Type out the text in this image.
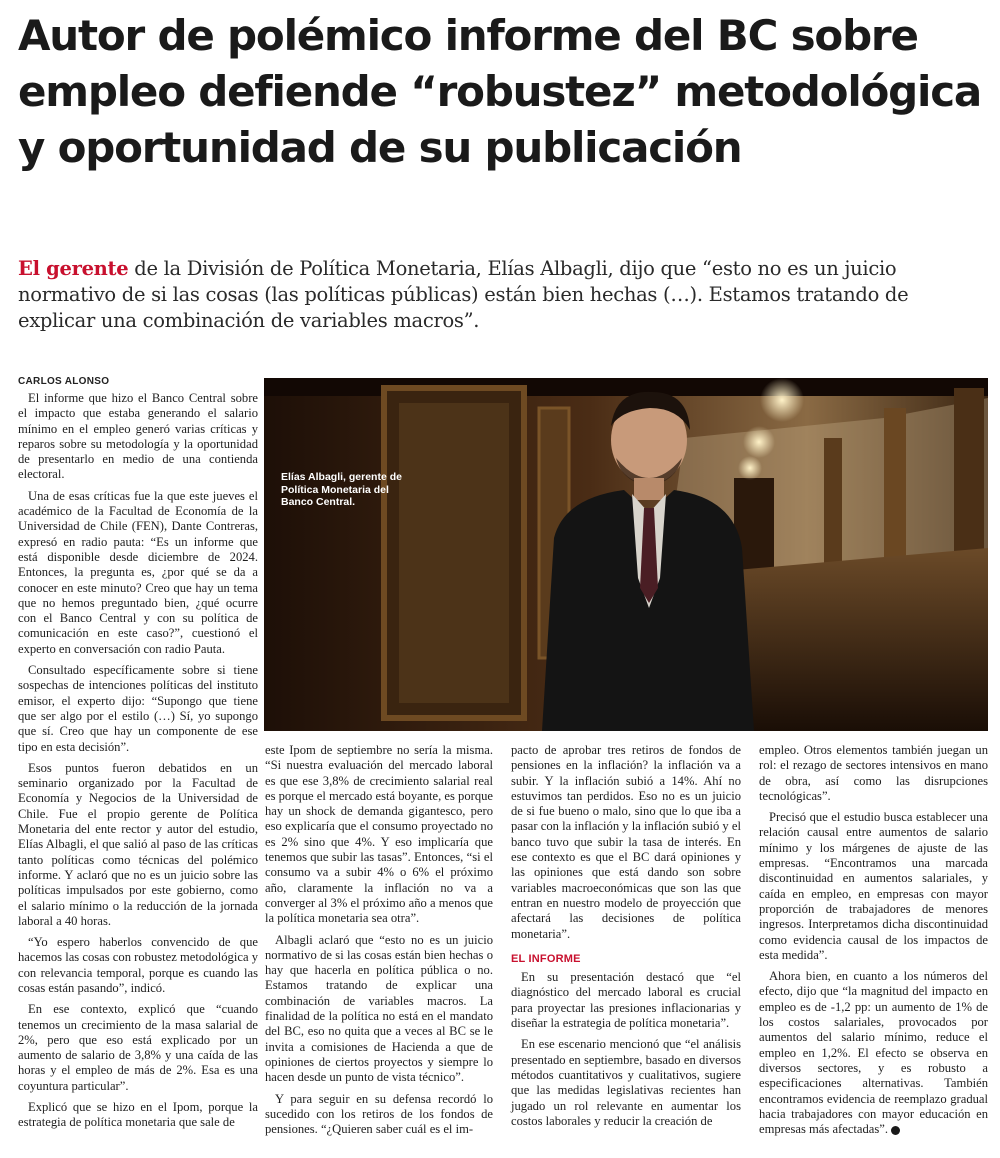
Autor de polémico informe del BC sobre empleo defiende “robustez” metodológica y oportunidad de su publicación

El gerente de la División de Política Monetaria, Elías Albagli, dijo que “esto no es un juicio normativo de si las cosas (las políticas públicas) están bien hechas (…). Estamos tratando de explicar una combinación de variables macros”.

CARLOS ALONSO

El informe que hizo el Banco Central sobre el impacto que estaba generando el salario mínimo en el empleo generó varias críticas y reparos sobre su metodología y la oportunidad de presentarlo en medio de una contienda electoral.

Una de esas críticas fue la que este jueves el académico de la Facultad de Economía de la Universidad de Chile (FEN), Dante Contreras, expresó en radio pauta: “Es un informe que está disponible desde diciembre de 2024. Entonces, la pregunta es, ¿por qué se da a conocer en este minuto? Creo que hay un tema que no hemos preguntado bien, ¿qué ocurre con el Banco Central y con su política de comunicación en este caso?”, cuestionó el experto en conversación con radio Pauta.

Consultado específicamente sobre si tiene sospechas de intenciones políticas del instituto emisor, el experto dijo: “Supongo que tiene que ser algo por el estilo (…) Sí, yo supongo que sí. Creo que hay un componente de ese tipo en esta decisión”.

Esos puntos fueron debatidos en un seminario organizado por la Facultad de Economía y Negocios de la Universidad de Chile. Fue el propio gerente de Política Monetaria del ente rector y autor del estudio, Elías Albagli, el que salió al paso de las críticas tanto políticas como técnicas del polémico informe. Y aclaró que no es un juicio sobre las políticas impulsados por este gobierno, como el salario mínimo o la reducción de la jornada laboral a 40 horas.

“Yo espero haberlos convencido de que hacemos las cosas con robustez metodológica y con relevancia temporal, porque es cuando las cosas están pasando”, indicó.

En ese contexto, explicó que “cuando tenemos un crecimiento de la masa salarial de 2%, pero que eso está explicado por un aumento de salario de 3,8% y una caída de las horas y el empleo de más de 2%. Esa es una coyuntura particular”.

Explicó que se hizo en el Ipom, porque la estrategia de política monetaria que sale de

Elías Albagli, gerente de Política Monetaria del Banco Central.

este Ipom de septiembre no sería la misma. “Si nuestra evaluación del mercado laboral es que ese 3,8% de crecimiento salarial real es porque el mercado está boyante, es porque hay un shock de demanda gigantesco, pero eso explicaría que el consumo proyectado no es 2% sino que 4%. Y eso implicaría que tenemos que subir las tasas”. Entonces, “si el consumo va a subir 4% o 6% el próximo año, claramente la inflación no va a converger al 3% el próximo año a menos que la política monetaria sea otra”.

Albagli aclaró que “esto no es un juicio normativo de si las cosas están bien hechas o hay que hacerla en política pública o no. Estamos tratando de explicar una combinación de variables macros. La finalidad de la política no está en el mandato del BC, eso no quita que a veces al BC se le invita a comisiones de Hacienda a que de opiniones de ciertos proyectos y siempre lo hacen desde un punto de vista técnico”.

Y para seguir en su defensa recordó lo sucedido con los retiros de los fondos de pensiones. “¿Quieren saber cuál es el im-

pacto de aprobar tres retiros de fondos de pensiones en la inflación? la inflación va a subir. Y la inflación subió a 14%. Ahí no estuvimos tan perdidos. Eso no es un juicio de si fue bueno o malo, sino que lo que iba a pasar con la inflación y la inflación subió y el banco tuvo que subir la tasa de interés. En ese contexto es que el BC dará opiniones y las opiniones que está dando son sobre variables macroeconómicas que son las que entran en nuestro modelo de proyección que afectará las decisiones de política monetaria”.

EL INFORME

En su presentación destacó que “el diagnóstico del mercado laboral es crucial para proyectar las presiones inflacionarias y diseñar la estrategia de política monetaria”.

En ese escenario mencionó que “el análisis presentado en septiembre, basado en diversos métodos cuantitativos y cualitativos, sugiere que las medidas legislativas recientes han jugado un rol relevante en aumentar los costos laborales y reducir la creación de

empleo. Otros elementos también juegan un rol: el rezago de sectores intensivos en mano de obra, así como las disrupciones tecnológicas”.

Precisó que el estudio busca establecer una relación causal entre aumentos de salario mínimo y los márgenes de ajuste de las empresas. “Encontramos una marcada discontinuidad en aumentos salariales, y caída en empleo, en empresas con mayor proporción de trabajadores de menores ingresos. Interpretamos dicha discontinuidad como evidencia causal de los impactos de esta medida”.

Ahora bien, en cuanto a los números del efecto, dijo que “la magnitud del impacto en empleo es de -1,2 pp: un aumento de 1% de los costos salariales, provocados por aumentos del salario mínimo, reduce el empleo en 1,2%. El efecto se observa en diversos sectores, y es robusto a especificaciones alternativas. También encontramos evidencia de reemplazo gradual hacia trabajadores con mayor educación en empresas más afectadas”.
